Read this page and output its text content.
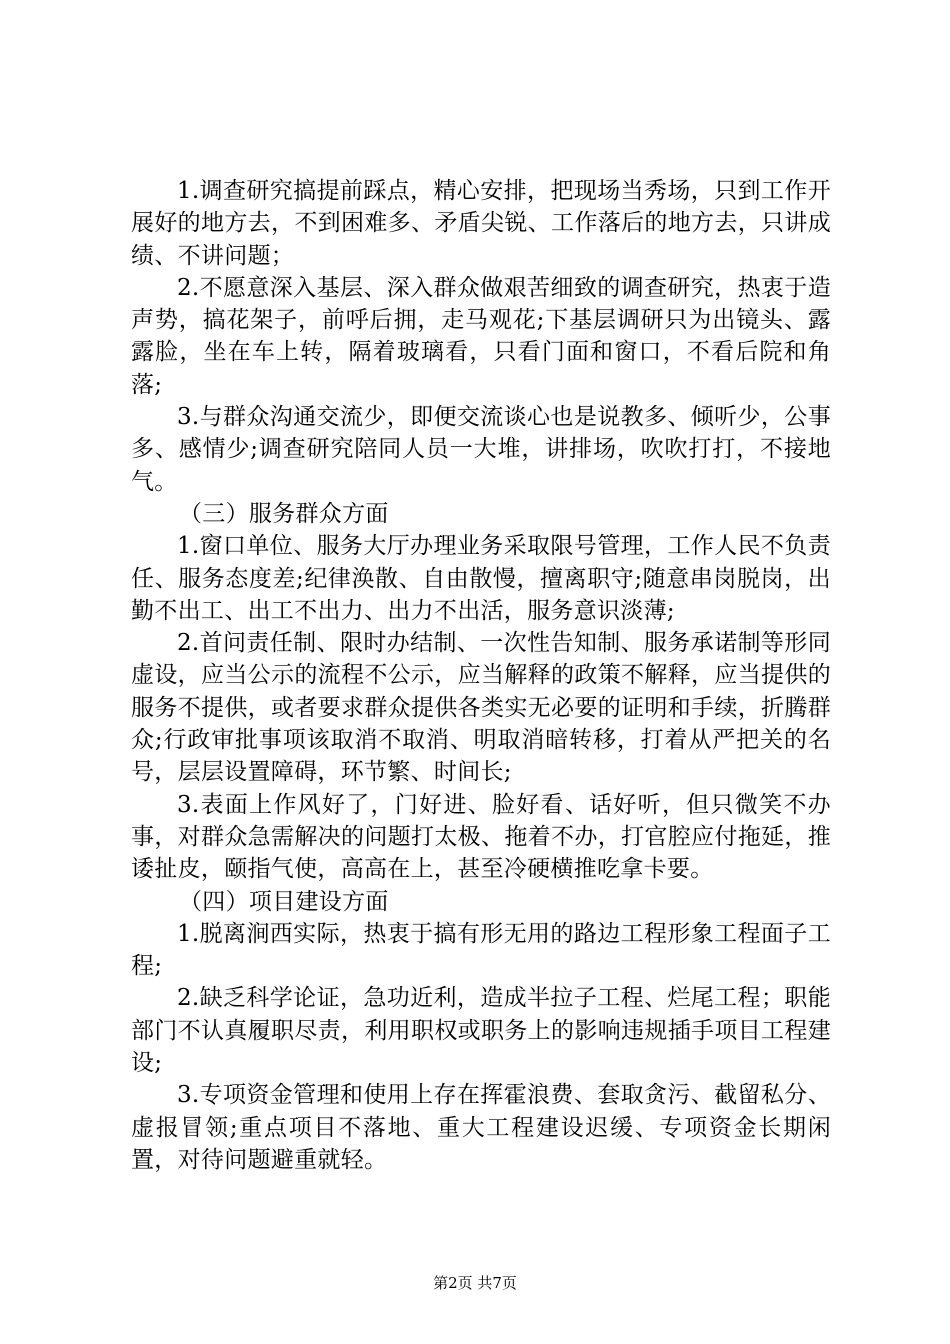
1.调查研究搞提前踩点，精心安排，把现场当秀场，只到工作开展好的地方去，不到困难多、矛盾尖锐、工作落后的地方去，只讲成绩、不讲问题；

2.不愿意深入基层、深入群众做艰苦细致的调查研究，热衷于造声势，搞花架子，前呼后拥，走马观花;下基层调研只为出镜头、露露脸，坐在车上转，隔着玻璃看，只看门面和窗口，不看后院和角落;

3.与群众沟通交流少，即便交流谈心也是说教多、倾听少，公事多、感情少;调查研究陪同人员一大堆，讲排场，吹吹打打，不接地气。

（三）服务群众方面

1.窗口单位、服务大厅办理业务采取限号管理，工作人民不负责任、服务态度差;纪律涣散、自由散慢，擅离职守;随意串岗脱岗，出勤不出工、出工不出力、出力不出活，服务意识淡薄;

2.首问责任制、限时办结制、一次性告知制、服务承诺制等形同虚设，应当公示的流程不公示，应当解释的政策不解释，应当提供的服务不提供，或者要求群众提供各类实无必要的证明和手续，折腾群众;行政审批事项该取消不取消、明取消暗转移，打着从严把关的名号，层层设置障碍，环节繁、时间长;

3.表面上作风好了，门好进、脸好看、话好听，但只微笑不办事，对群众急需解决的问题打太极、拖着不办，打官腔应付拖延，推诿扯皮，颐指气使，高高在上，甚至冷硬横推吃拿卡要。

（四）项目建设方面

1.脱离涧西实际，热衷于搞有形无用的路边工程形象工程面子工程;

2.缺乏科学论证，急功近利，造成半拉子工程、烂尾工程；职能部门不认真履职尽责，利用职权或职务上的影响违规插手项目工程建设;

3.专项资金管理和使用上存在挥霍浪费、套取贪污、截留私分、虚报冒领;重点项目不落地、重大工程建设迟缓、专项资金长期闲置，对待问题避重就轻。

第2页 共7页
